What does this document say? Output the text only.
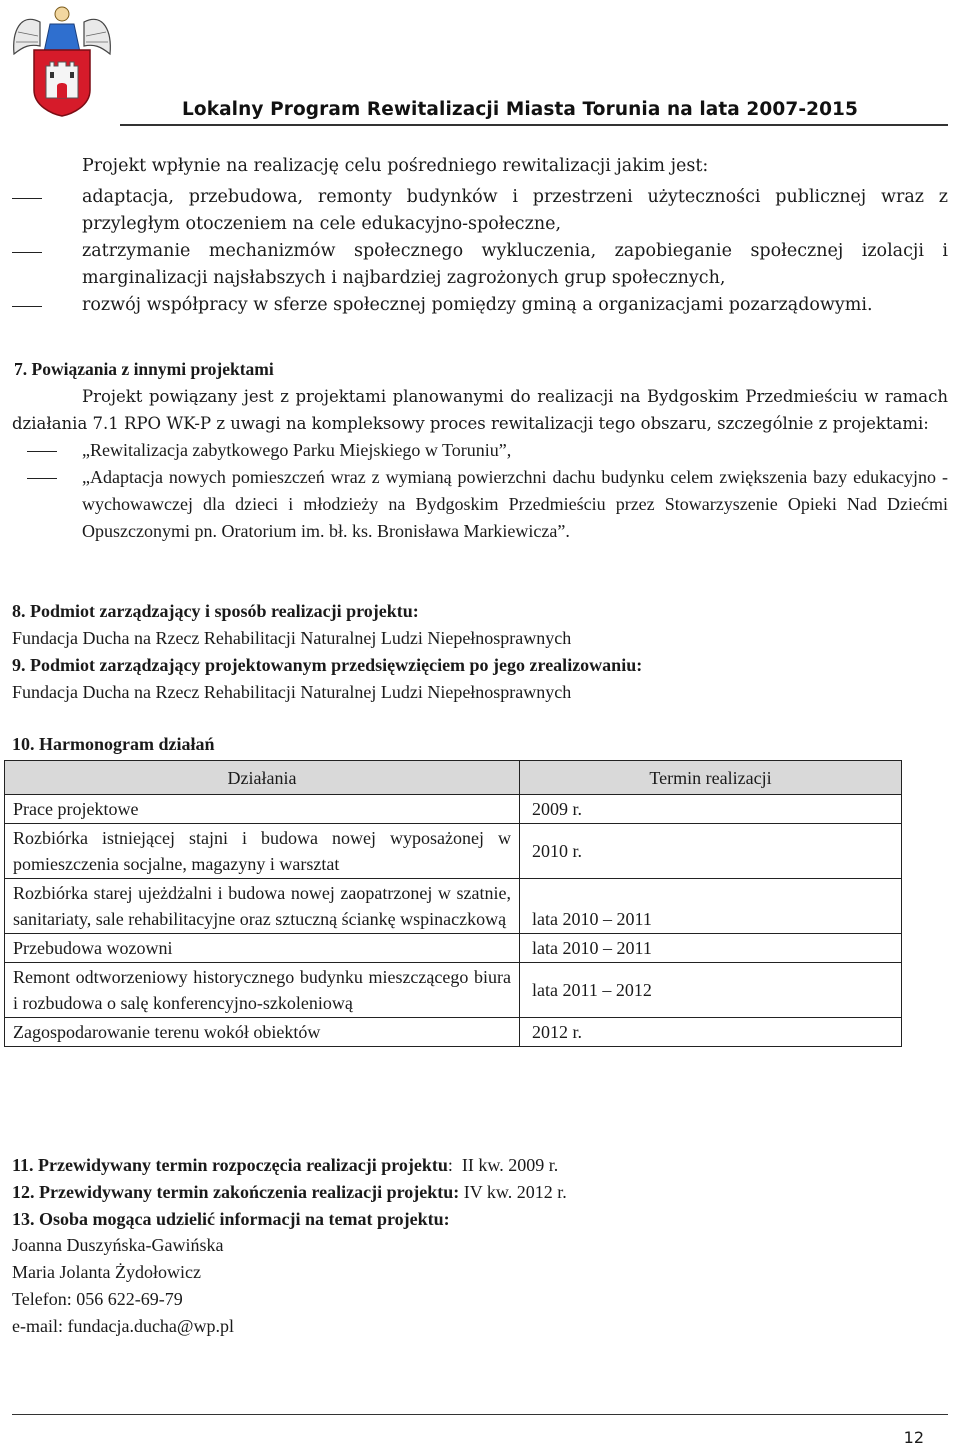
Lokalny Program Rewitalizacji Miasta Torunia na lata 2007-2015
Projekt wpłynie na realizację celu pośredniego rewitalizacji jakim jest:
adaptacja, przebudowa, remonty budynków i przestrzeni użyteczności publicznej wraz z przyległym otoczeniem na cele edukacyjno-społeczne,
zatrzymanie mechanizmów społecznego wykluczenia, zapobieganie społecznej izolacji i marginalizacji najsłabszych i najbardziej zagrożonych grup społecznych,
rozwój współpracy w sferze społecznej pomiędzy gminą a organizacjami pozarządowymi.
7. Powiązania z innymi projektami
Projekt powiązany jest z projektami planowanymi do realizacji na Bydgoskim Przedmieściu w ramach działania 7.1 RPO WK-P z uwagi na kompleksowy proces rewitalizacji tego obszaru, szczególnie z projektami:
„Rewitalizacja zabytkowego Parku Miejskiego w Toruniu”,
„Adaptacja nowych pomieszczeń wraz z wymianą powierzchni dachu budynku celem zwiększenia bazy edukacyjno - wychowawczej dla dzieci i młodzieży na Bydgoskim Przedmieściu przez Stowarzyszenie Opieki Nad Dziećmi Opuszczonymi pn. Oratorium im. bł. ks. Bronisława Markiewicza”.
8. Podmiot zarządzający i sposób realizacji projektu:
Fundacja Ducha na Rzecz Rehabilitacji Naturalnej Ludzi Niepełnosprawnych
9. Podmiot zarządzający projektowanym przedsięwzięciem po jego zrealizowaniu:
Fundacja Ducha na Rzecz Rehabilitacji Naturalnej Ludzi Niepełnosprawnych
10. Harmonogram działań
Działania	Termin realizacji
Prace projektowe	2009 r.
Rozbiórka istniejącej stajni i budowa nowej wyposażonej w pomieszczenia socjalne, magazyny i warsztat	2010 r.
Rozbiórka starej ujeżdżalni i budowa nowej zaopatrzonej w szatnie, sanitariaty, sale rehabilitacyjne oraz sztuczną ściankę wspinaczkową	lata 2010 – 2011
Przebudowa wozowni	lata 2010 – 2011
Remont odtworzeniowy historycznego budynku mieszczącego biura i rozbudowa o salę konferencyjno-szkoleniową	lata 2011 – 2012
Zagospodarowanie terenu wokół obiektów	2012 r.
11. Przewidywany termin rozpoczęcia realizacji projektu: II kw. 2009 r.
12. Przewidywany termin zakończenia realizacji projektu: IV kw. 2012 r.
13. Osoba mogąca udzielić informacji na temat projektu:
Joanna Duszyńska-Gawińska
Maria Jolanta Żydołowicz
Telefon: 056 622-69-79
e-mail: fundacja.ducha@wp.pl
12
